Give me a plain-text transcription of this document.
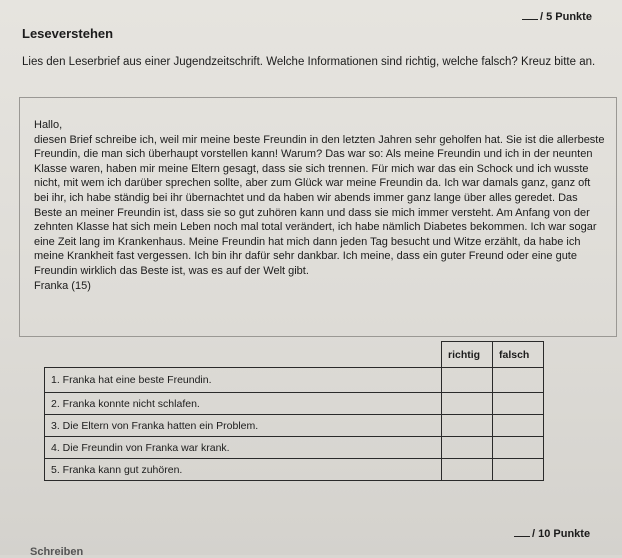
Leseverstehen
/ 5 Punkte
Lies den Leserbrief aus einer Jugendzeitschrift. Welche Informationen sind richtig, welche falsch? Kreuz bitte an.

Hallo,

diesen Brief schreibe ich, weil mir meine beste Freundin in den letzten Jahren sehr geholfen hat. Sie ist die allerbeste Freundin, die man sich überhaupt vorstellen kann! Warum? Das war so: Als meine Freundin und ich in der neunten Klasse waren, haben mir meine Eltern gesagt, dass sie sich trennen. Für mich war das ein Schock und ich wusste nicht, mit wem ich darüber sprechen sollte, aber zum Glück war meine Freundin da. Ich war damals ganz, ganz oft bei ihr, ich habe ständig bei ihr übernachtet und da haben wir abends immer ganz lange über alles geredet. Das Beste an meiner Freundin ist, dass sie so gut zuhören kann und dass sie mich immer versteht. Am Anfang von der zehnten Klasse hat sich mein Leben noch mal total verändert, ich habe nämlich Diabetes bekommen. Ich war sogar eine Zeit lang im Krankenhaus. Meine Freundin hat mich dann jeden Tag besucht und Witze erzählt, da habe ich meine Krankheit fast vergessen. Ich bin ihr dafür sehr dankbar. Ich meine, dass ein guter Freund oder eine gute Freundin wirklich das Beste ist, was es auf der Welt gibt.

Franka (15)

	richtig	falsch
1. Franka hat eine beste Freundin.		
2. Franka konnte nicht schlafen.		
3. Die Eltern von Franka hatten ein Problem.		
4. Die Freundin von Franka war krank.		
5. Franka kann gut zuhören.		
/ 10 Punkte
Schreiben
